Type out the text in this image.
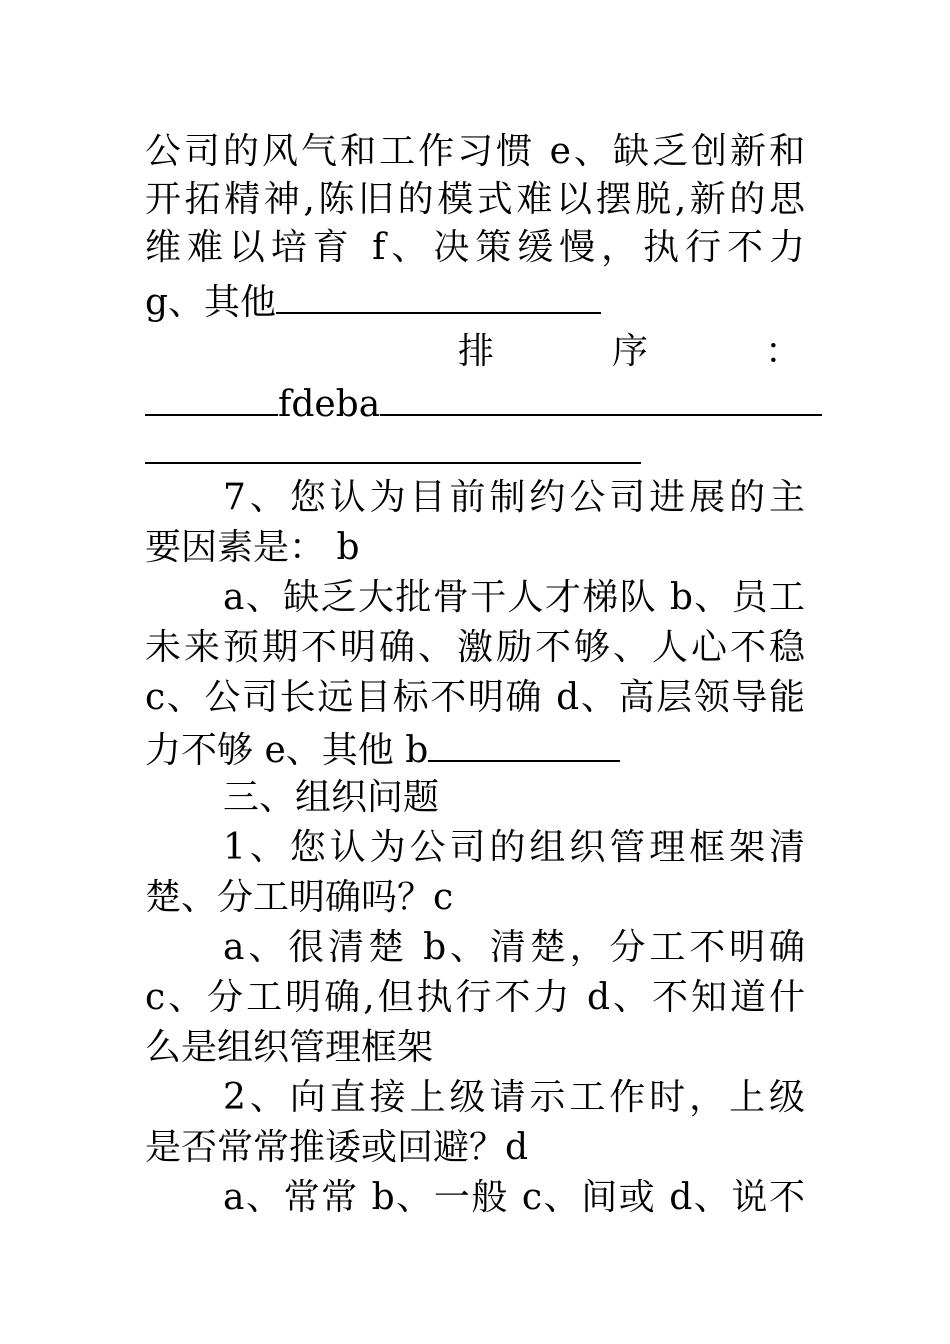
公司的风气和工作习惯 e、缺乏创新和
开拓精神,陈旧的模式难以摆脱,新的思
维难以培育 f、决策缓慢，执行不力
g、其他
排	序	：
fdeba
7、您认为目前制约公司进展的主
要因素是： b
a、缺乏大批骨干人才梯队 b、员工
未来预期不明确、激励不够、人心不稳
c、公司长远目标不明确 d、高层领导能
力不够 e、其他 b
三、组织问题
1、您认为公司的组织管理框架清
楚、分工明确吗？c
a、很清楚 b、清楚，分工不明确
c、分工明确,但执行不力 d、不知道什
么是组织管理框架
2、向直接上级请示工作时，上级
是否常常推诿或回避？d
a、常常 b、一般 c、间或 d、说不
